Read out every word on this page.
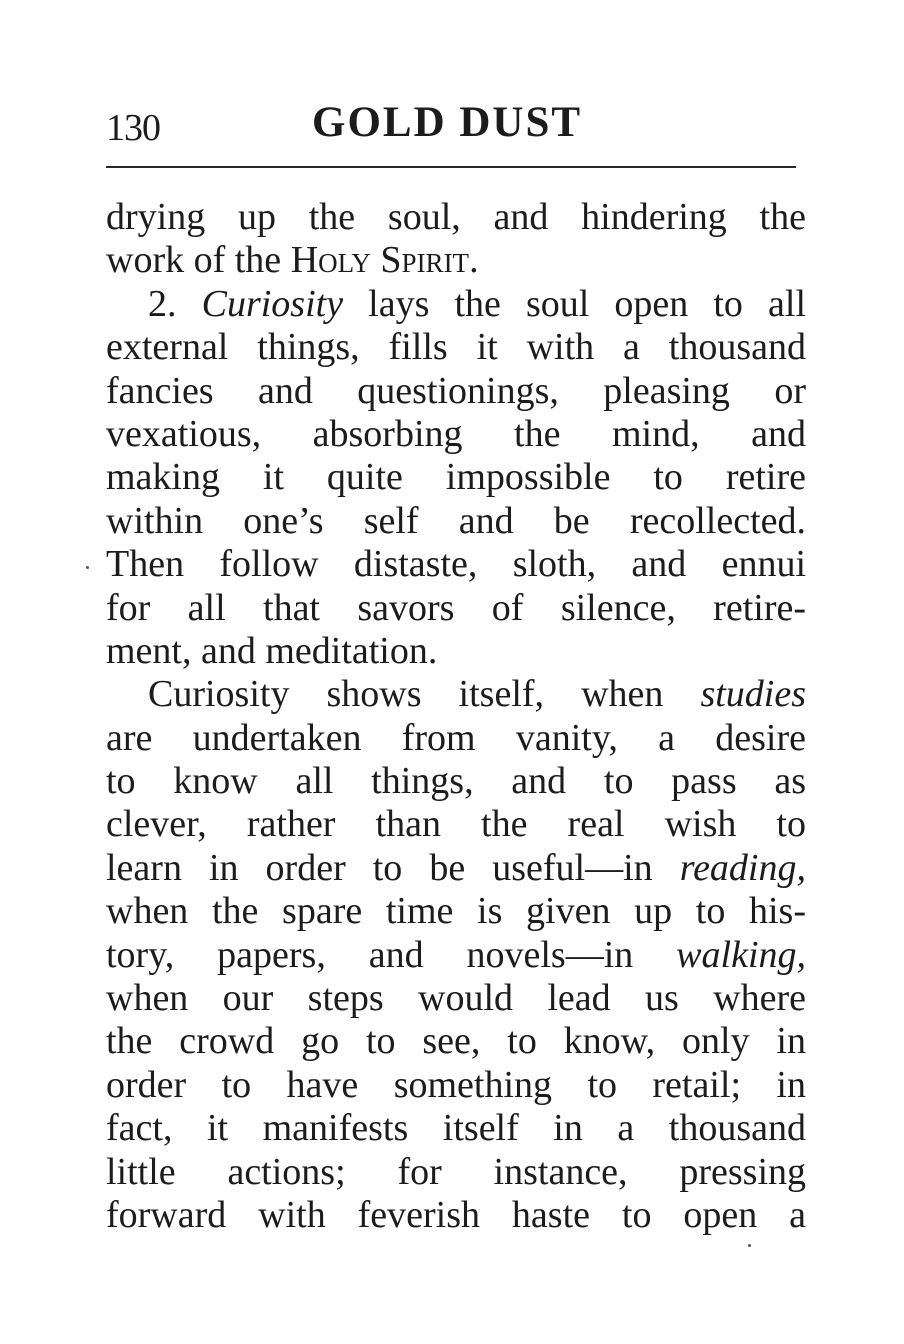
130	GOLD DUST
drying up the soul, and hindering the
work of the Holy Spirit.
2. Curiosity lays the soul open to all
external things, fills it with a thousand
fancies and questionings, pleasing or
vexatious, absorbing the mind, and
making it quite impossible to retire
within one’s self and be recollected.
Then follow distaste, sloth, and ennui
for all that savors of silence, retire-
ment, and meditation.
Curiosity shows itself, when studies
are undertaken from vanity, a desire
to know all things, and to pass as
clever, rather than the real wish to
learn in order to be useful—in reading,
when the spare time is given up to his-
tory, papers, and novels—in walking,
when our steps would lead us where
the crowd go to see, to know, only in
order to have something to retail; in
fact, it manifests itself in a thousand
little actions; for instance, pressing
forward with feverish haste to open a
